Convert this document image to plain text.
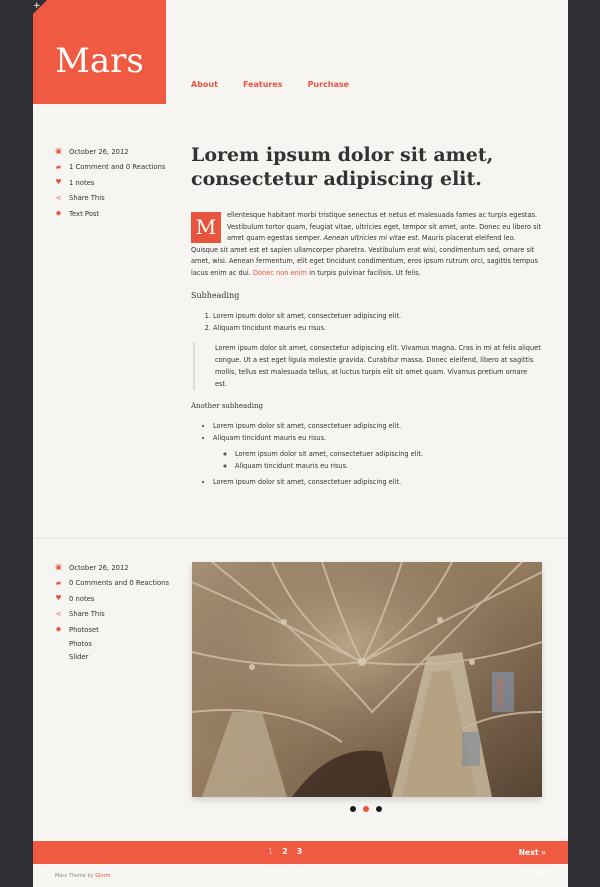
Mars
+
About	Features	Purchase
▣ October 26, 2012
▰ 1 Comment and 0 Reactions
♥ 1 notes
< Share This
◆ Text Post
Lorem ipsum dolor sit amet, consectetur adipiscing elit.
M	ellentesque habitant morbi tristique senectus et netus et malesuada fames ac turpis egestas. Vestibulum tortor quam, feugiat vitae, ultricies eget, tempor sit amet, ante. Donec eu libero sit amet quam egestas semper. Aenean ultricies mi vitae est. Mauris placerat eleifend leo. Quisque sit amet est et sapien ullamcorper pharetra. Vestibulum erat wisi, condimentum sed, ornare sit amet, wisi. Aenean fermentum, elit eget tincidunt condimentum, eros ipsum rutrum orci, sagittis tempus lacus enim ac dui. Donec non enim in turpis pulvinar facilisis. Ut felis.

Subheading
1. Lorem ipsum dolor sit amet, consectetuer adipiscing elit.
2. Aliquam tincidunt mauris eu risus.
Lorem ipsum dolor sit amet, consectetur adipiscing elit. Vivamus magna. Cras in mi at felis aliquet congue. Ut a est eget ligula molestie gravida. Curabitur massa. Donec eleifend, libero at sagittis mollis, tellus est malesuada tellus, at luctus turpis elit sit amet quam. Vivamus pretium ornare est.
Another subheading
• Lorem ipsum dolor sit amet, consectetuer adipiscing elit.
• Aliquam tincidunt mauris eu risus.
◦ Lorem ipsum dolor sit amet, consectetuer adipiscing elit.
◦ Aliquam tincidunt mauris eu risus.
• Lorem ipsum dolor sit amet, consectetuer adipiscing elit.
▣ October 26, 2012
▰ 0 Comments and 0 Reactions
♥ 0 notes
< Share This
◆ Photoset
Photos
Slider
1 2 3	Next »
Mars Theme by Glorm	⤨ ◔ ↺
